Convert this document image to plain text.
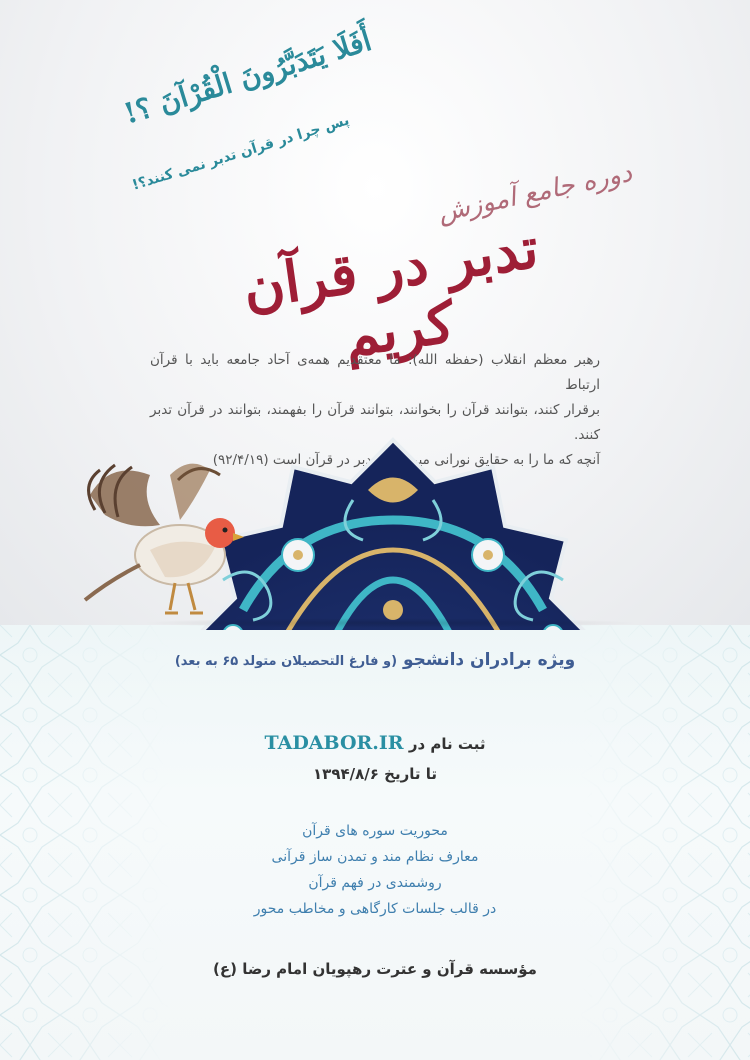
أَفَلَا يَتَدَبَّرُونَ الْقُرْآنَ ؟!
پس چرا در قرآن تدبر نمی کنند؟!	دوره جامع آموزش
تدبر در قرآن کریم

رهبر معظم انقلاب (حفظه الله): ما معتقدیم همه‌ی آحاد جامعه باید با قرآن ارتباط

برقرار کنند، بتوانند قرآن را بخوانند، بتوانند قرآن را بفهمند، بتوانند در قرآن تدبر کنند.

آنچه که ما را به حقایق نورانی میرساند، تدبر در قرآن است (۹۲/۴/۱۹)

ویژه برادران دانشجو (و فارغ التحصیلان متولد ۶۵ به بعد)
ثبت نام در TADABOR.IR
تا تاریخ ۱۳۹۴/۸/۶
محوریت سوره های قرآن
معارف نظام مند و تمدن ساز قرآنی
روشمندی در فهم قرآن
در قالب جلسات کارگاهی و مخاطب محور
مؤسسه قرآن و عترت رهپویان امام رضا (ع)
